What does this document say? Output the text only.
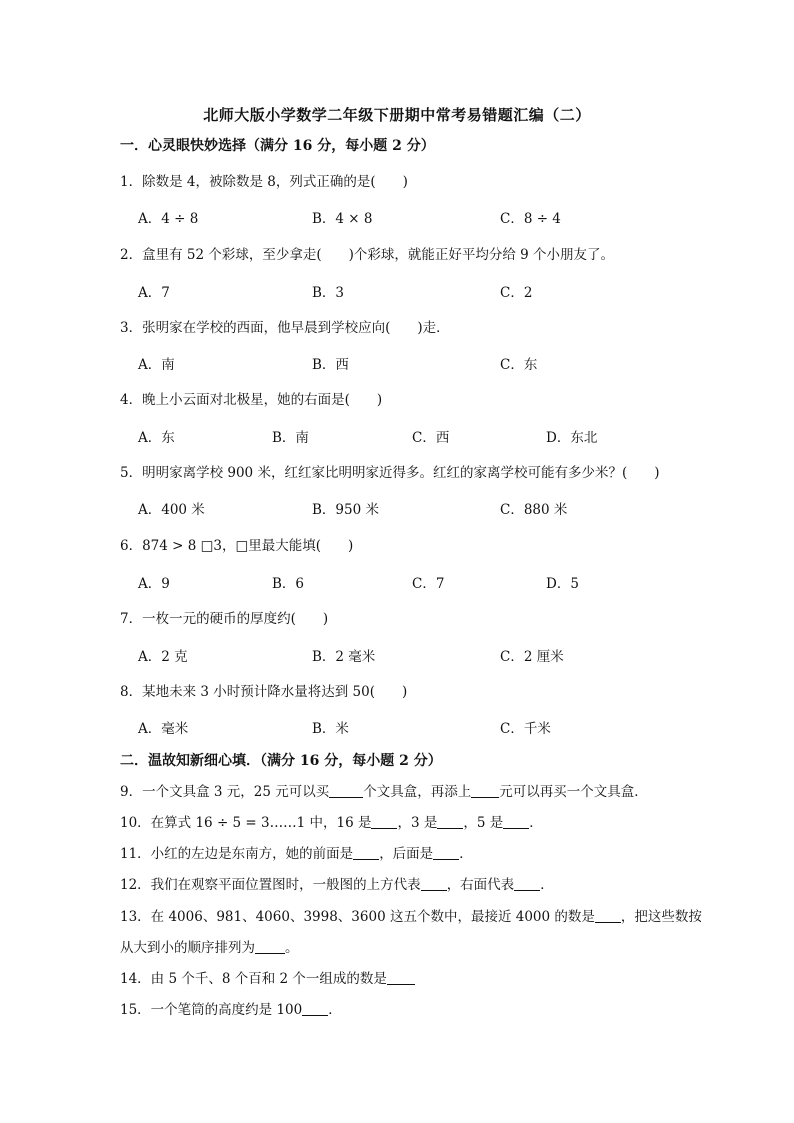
北师大版小学数学二年级下册期中常考易错题汇编（二）
一．心灵眼快妙选择（满分 16 分，每小题 2 分）
1．除数是 4，被除数是 8，列式正确的是(　　)
A．4 ÷ 8	B．4 × 8	C．8 ÷ 4
2．盒里有 52 个彩球，至少拿走(　　)个彩球，就能正好平均分给 9 个小朋友了。
A．7	B．3	C．2
3．张明家在学校的西面，他早晨到学校应向(　　)走．
A．南	B．西	C．东
4．晚上小云面对北极星，她的右面是(　　)
A．东	B．南	C．西	D．东北
5．明明家离学校 900 米，红红家比明明家近得多。红红的家离学校可能有多少米？(　　)
A．400 米	B．950 米	C．880 米
6．874 > 8 □3，□里最大能填(　　)
A．9	B．6	C．7	D．5
7．一枚一元的硬币的厚度约(　　)
A．2 克	B．2 毫米	C．2 厘米
8．某地未来 3 小时预计降水量将达到 50(　　)
A．毫米	B．米	C．千米
二．温故知新细心填．（满分 16 分，每小题 2 分）
9．一个文具盒 3 元，25 元可以买	个文具盒，再添上 元可以再买一个文具盒．
10．在算式 16 ÷ 5 = 3……1 中，16 是 ，3 是 ，5 是 ．
11．小红的左边是东南方，她的前面是 ，后面是 ．
12．我们在观察平面位置图时，一般图的上方代表 ，右面代表 ．
13．在 4006、981、4060、3998、3600 这五个数中，最接近 4000 的数是 ，把这些数按
从大到小的顺序排列为 。
14．由 5 个千、8 个百和 2 个一组成的数是
15．一个笔筒的高度约是 100 ．
